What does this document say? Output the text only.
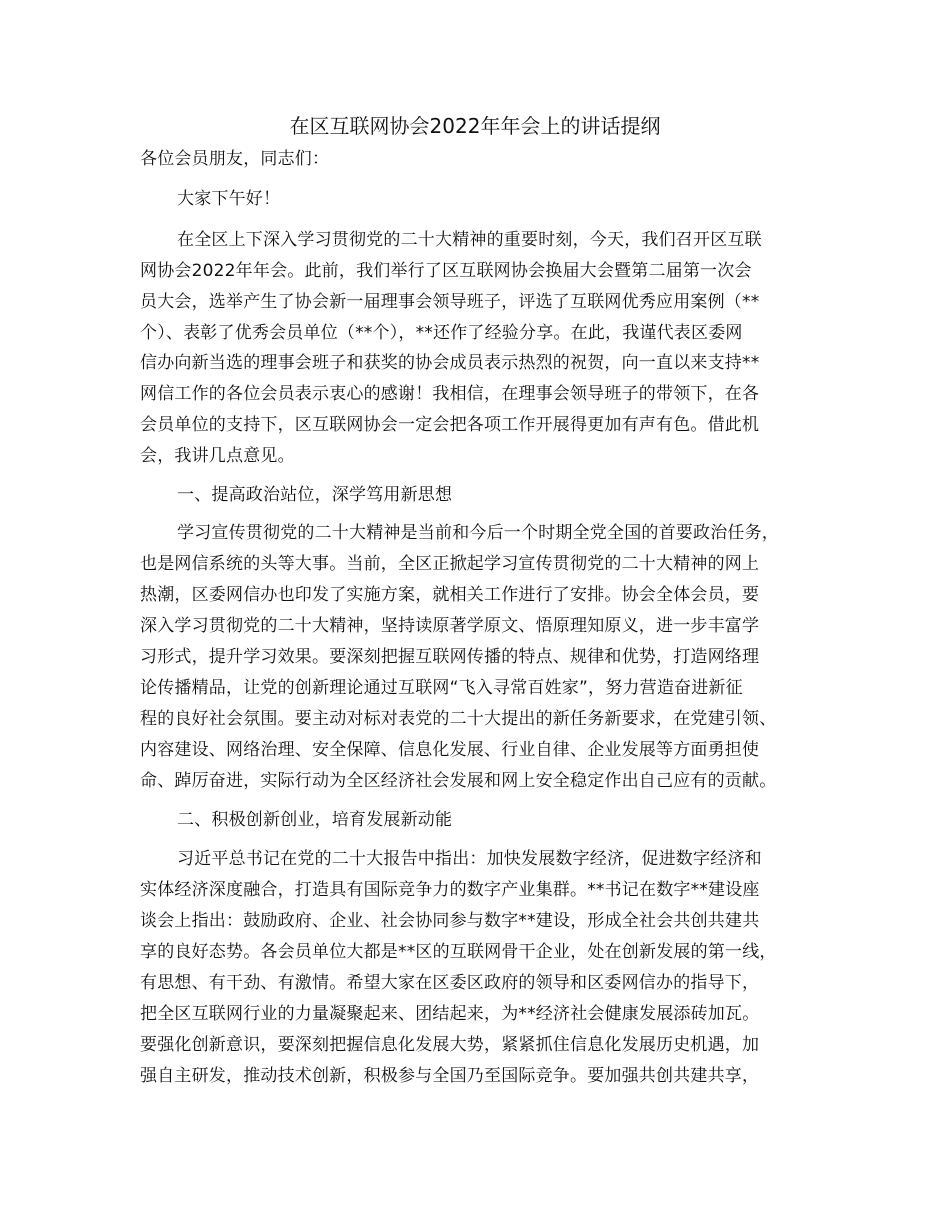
在区互联网协会2022年年会上的讲话提纲
各位会员朋友，同志们：
大家下午好！
在全区上下深入学习贯彻党的二十大精神的重要时刻，今天，我们召开区互联
网协会2022年年会。此前，我们举行了区互联网协会换届大会暨第二届第一次会
员大会，选举产生了协会新一届理事会领导班子，评选了互联网优秀应用案例（**
个）、表彰了优秀会员单位（**个），**还作了经验分享。在此，我谨代表区委网
信办向新当选的理事会班子和获奖的协会成员表示热烈的祝贺，向一直以来支持**
网信工作的各位会员表示衷心的感谢！我相信，在理事会领导班子的带领下，在各
会员单位的支持下，区互联网协会一定会把各项工作开展得更加有声有色。借此机
会，我讲几点意见。
一、提高政治站位，深学笃用新思想
学习宣传贯彻党的二十大精神是当前和今后一个时期全党全国的首要政治任务，
也是网信系统的头等大事。当前，全区正掀起学习宣传贯彻党的二十大精神的网上
热潮，区委网信办也印发了实施方案，就相关工作进行了安排。协会全体会员，要
深入学习贯彻党的二十大精神，坚持读原著学原文、悟原理知原义，进一步丰富学
习形式，提升学习效果。要深刻把握互联网传播的特点、规律和优势，打造网络理
论传播精品，让党的创新理论通过互联网“飞入寻常百姓家”，努力营造奋进新征
程的良好社会氛围。要主动对标对表党的二十大提出的新任务新要求，在党建引领、
内容建设、网络治理、安全保障、信息化发展、行业自律、企业发展等方面勇担使
命、踔厉奋进，实际行动为全区经济社会发展和网上安全稳定作出自己应有的贡献。
二、积极创新创业，培育发展新动能
习近平总书记在党的二十大报告中指出：加快发展数字经济，促进数字经济和
实体经济深度融合，打造具有国际竞争力的数字产业集群。**书记在数字**建设座
谈会上指出：鼓励政府、企业、社会协同参与数字**建设，形成全社会共创共建共
享的良好态势。各会员单位大都是**区的互联网骨干企业，处在创新发展的第一线，
有思想、有干劲、有激情。希望大家在区委区政府的领导和区委网信办的指导下，
把全区互联网行业的力量凝聚起来、团结起来，为**经济社会健康发展添砖加瓦。
要强化创新意识，要深刻把握信息化发展大势，紧紧抓住信息化发展历史机遇，加
强自主研发，推动技术创新，积极参与全国乃至国际竞争。要加强共创共建共享，
